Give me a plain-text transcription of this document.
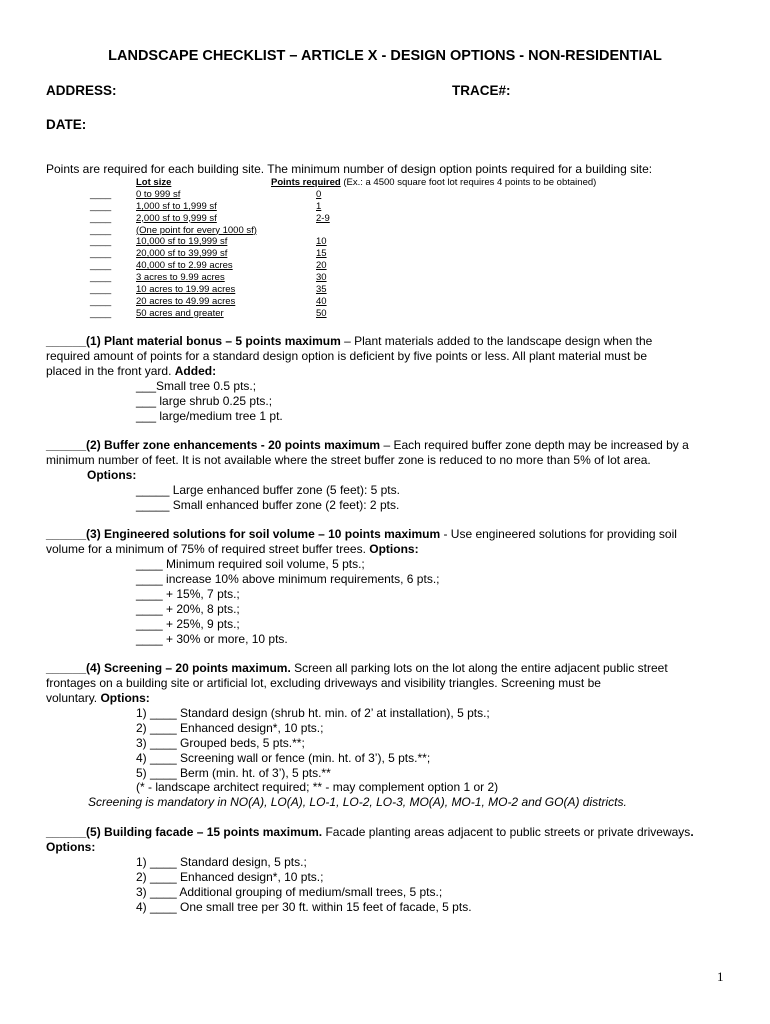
LANDSCAPE CHECKLIST – ARTICLE X - DESIGN OPTIONS - NON-RESIDENTIAL
ADDRESS:	TRACE#:
DATE:
Points are required for each building site. The minimum number of design option points required for a building site:
Lot size	Points required (Ex.: a 4500 square foot lot requires 4 points to be obtained)
____	0 to 999 sf	0
____	1,000 sf to 1,999 sf	1
____	2,000 sf to 9,999 sf	2-9
____	(One point for every 1000 sf)
____	10,000 sf to 19,999 sf	10
____	20,000 sf to 39,999 sf	15
____	40,000 sf to 2.99 acres	20
____	3 acres to 9.99 acres	30
____	10 acres to 19.99 acres	35
____	20 acres to 49.99 acres	40
____	50 acres and greater	50
______(1) Plant material bonus – 5 points maximum – Plant materials added to the landscape design when the
required amount of points for a standard design option is deficient by five points or less. All plant material must be
placed in the front yard. Added:
___Small tree 0.5 pts.;
___ large shrub 0.25 pts.;
___ large/medium tree 1 pt.
______(2) Buffer zone enhancements - 20 points maximum – Each required buffer zone depth may be increased by a
minimum number of feet. It is not available where the street buffer zone is reduced to no more than 5% of lot area.
Options:
_____ Large enhanced buffer zone (5 feet): 5 pts.
_____ Small enhanced buffer zone (2 feet): 2 pts.
______(3) Engineered solutions for soil volume – 10 points maximum - Use engineered solutions for providing soil
volume for a minimum of 75% of required street buffer trees. Options:
____ Minimum required soil volume, 5 pts.;
____ increase 10% above minimum requirements, 6 pts.;
____ + 15%, 7 pts.;
____ + 20%, 8 pts.;
____ + 25%, 9 pts.;
____ + 30% or more, 10 pts.
______(4) Screening – 20 points maximum. Screen all parking lots on the lot along the entire adjacent public street
frontages on a building site or artificial lot, excluding driveways and visibility triangles. Screening must be
voluntary. Options:
1) ____ Standard design (shrub ht. min. of 2’ at installation), 5 pts.;
2) ____ Enhanced design*, 10 pts.;
3) ____ Grouped beds, 5 pts.**;
4) ____ Screening wall or fence (min. ht. of 3’), 5 pts.**;
5) ____ Berm (min. ht. of 3’), 5 pts.**
(* - landscape architect required; ** - may complement option 1 or 2)
Screening is mandatory in NO(A), LO(A), LO-1, LO-2, LO-3, MO(A), MO-1, MO-2 and GO(A) districts.
______(5) Building facade – 15 points maximum. Facade planting areas adjacent to public streets or private driveways.
Options:
1) ____ Standard design, 5 pts.;
2) ____ Enhanced design*, 10 pts.;
3) ____ Additional grouping of medium/small trees, 5 pts.;
4) ____ One small tree per 30 ft. within 15 feet of facade, 5 pts.
1
